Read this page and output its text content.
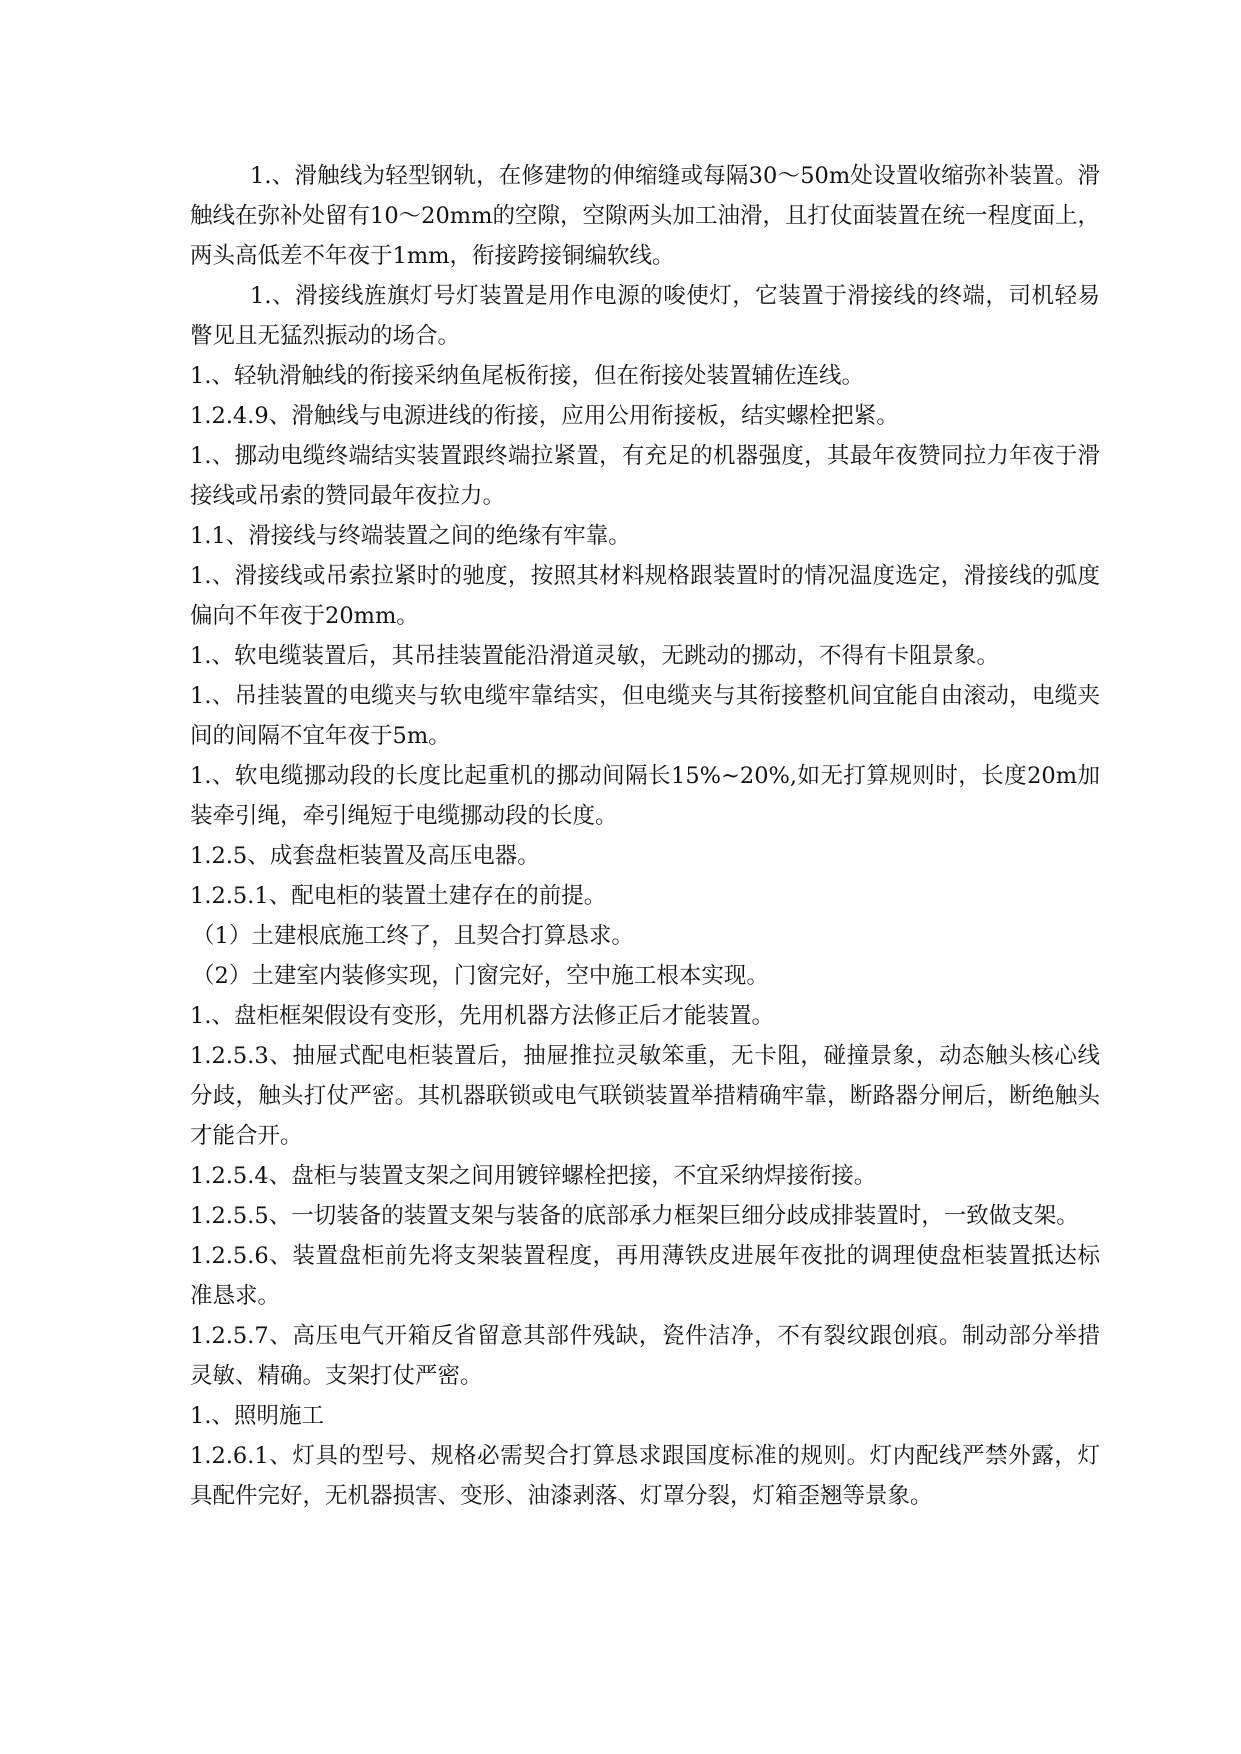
1.、滑触线为轻型钢轨，在修建物的伸缩缝或每隔30～50m处设置收缩弥补装置。滑触线在弥补处留有10～20mm的空隙，空隙两头加工油滑，且打仗面装置在统一程度面上，两头高低差不年夜于1mm，衔接跨接铜编软线。

1.、滑接线旌旗灯号灯装置是用作电源的唆使灯，它装置于滑接线的终端，司机轻易瞥见且无猛烈振动的场合。

1.、轻轨滑触线的衔接采纳鱼尾板衔接，但在衔接处装置辅佐连线。

1.2.4.9、滑触线与电源进线的衔接，应用公用衔接板，结实螺栓把紧。

1.、挪动电缆终端结实装置跟终端拉紧置，有充足的机器强度，其最年夜赞同拉力年夜于滑接线或吊索的赞同最年夜拉力。

1.1、滑接线与终端装置之间的绝缘有牢靠。

1.、滑接线或吊索拉紧时的驰度，按照其材料规格跟装置时的情况温度选定，滑接线的弧度偏向不年夜于20mm。

1.、软电缆装置后，其吊挂装置能沿滑道灵敏，无跳动的挪动，不得有卡阻景象。

1.、吊挂装置的电缆夹与软电缆牢靠结实，但电缆夹与其衔接整机间宜能自由滚动，电缆夹间的间隔不宜年夜于5m。

1.、软电缆挪动段的长度比起重机的挪动间隔长15%~20%,如无打算规则时，长度20m加装牵引绳，牵引绳短于电缆挪动段的长度。

1.2.5、成套盘柜装置及高压电器。

1.2.5.1、配电柜的装置土建存在的前提。

（1）土建根底施工终了，且契合打算恳求。

（2）土建室内装修实现，门窗完好，空中施工根本实现。

1.、盘柜框架假设有变形，先用机器方法修正后才能装置。

1.2.5.3、抽屉式配电柜装置后，抽屉推拉灵敏笨重，无卡阻，碰撞景象，动态触头核心线分歧，触头打仗严密。其机器联锁或电气联锁装置举措精确牢靠，断路器分闸后，断绝触头才能合开。

1.2.5.4、盘柜与装置支架之间用镀锌螺栓把接，不宜采纳焊接衔接。

1.2.5.5、一切装备的装置支架与装备的底部承力框架巨细分歧成排装置时，一致做支架。

1.2.5.6、装置盘柜前先将支架装置程度，再用薄铁皮进展年夜批的调理使盘柜装置抵达标准恳求。

1.2.5.7、高压电气开箱反省留意其部件残缺，瓷件洁净，不有裂纹跟创痕。制动部分举措灵敏、精确。支架打仗严密。

1.、照明施工

1.2.6.1、灯具的型号、规格必需契合打算恳求跟国度标准的规则。灯内配线严禁外露，灯具配件完好，无机器损害、变形、油漆剥落、灯罩分裂，灯箱歪翘等景象。
